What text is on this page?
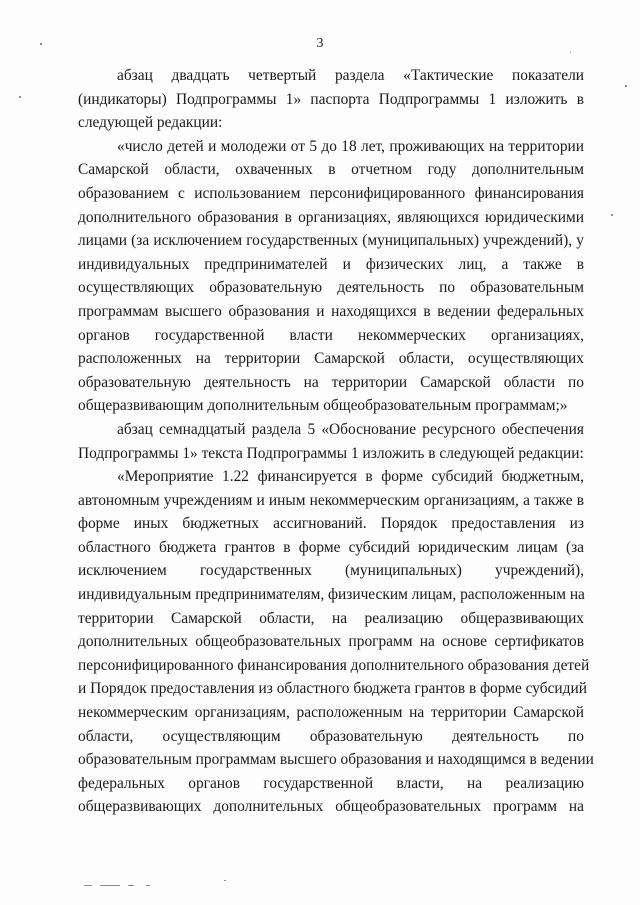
3
абзац двадцать четвертый раздела «Тактические показатели
(индикаторы) Подпрограммы 1» паспорта Подпрограммы 1 изложить в
следующей редакции:
«число детей и молодежи от 5 до 18 лет, проживающих на территории
Самарской области, охваченных в отчетном году дополнительным
образованием с использованием персонифицированного финансирования
дополнительного образования в организациях, являющихся юридическими
лицами (за исключением государственных (муниципальных) учреждений), у
индивидуальных предпринимателей и физических лиц, а также в
осуществляющих образовательную деятельность по образовательным
программам высшего образования и находящихся в ведении федеральных
органов государственной власти некоммерческих организациях,
расположенных на территории Самарской области, осуществляющих
образовательную деятельность на территории Самарской области по
общеразвивающим дополнительным общеобразовательным программам;»
абзац семнадцатый раздела 5 «Обоснование ресурсного обеспечения
Подпрограммы 1» текста Подпрограммы 1 изложить в следующей редакции:
«Мероприятие 1.22 финансируется в форме субсидий бюджетным,
автономным учреждениям и иным некоммерческим организациям, а также в
форме иных бюджетных ассигнований. Порядок предоставления из
областного бюджета грантов в форме субсидий юридическим лицам (за
исключением государственных (муниципальных) учреждений),
индивидуальным предпринимателям, физическим лицам, расположенным на
территории Самарской области, на реализацию общеразвивающих
дополнительных общеобразовательных программ на основе сертификатов
персонифицированного финансирования дополнительного образования детей
и Порядок предоставления из областного бюджета грантов в форме субсидий
некоммерческим организациям, расположенным на территории Самарской
области, осуществляющим образовательную деятельность по
образовательным программам высшего образования и находящимся в ведении
федеральных органов государственной власти, на реализацию
общеразвивающих дополнительных общеобразовательных программ на
